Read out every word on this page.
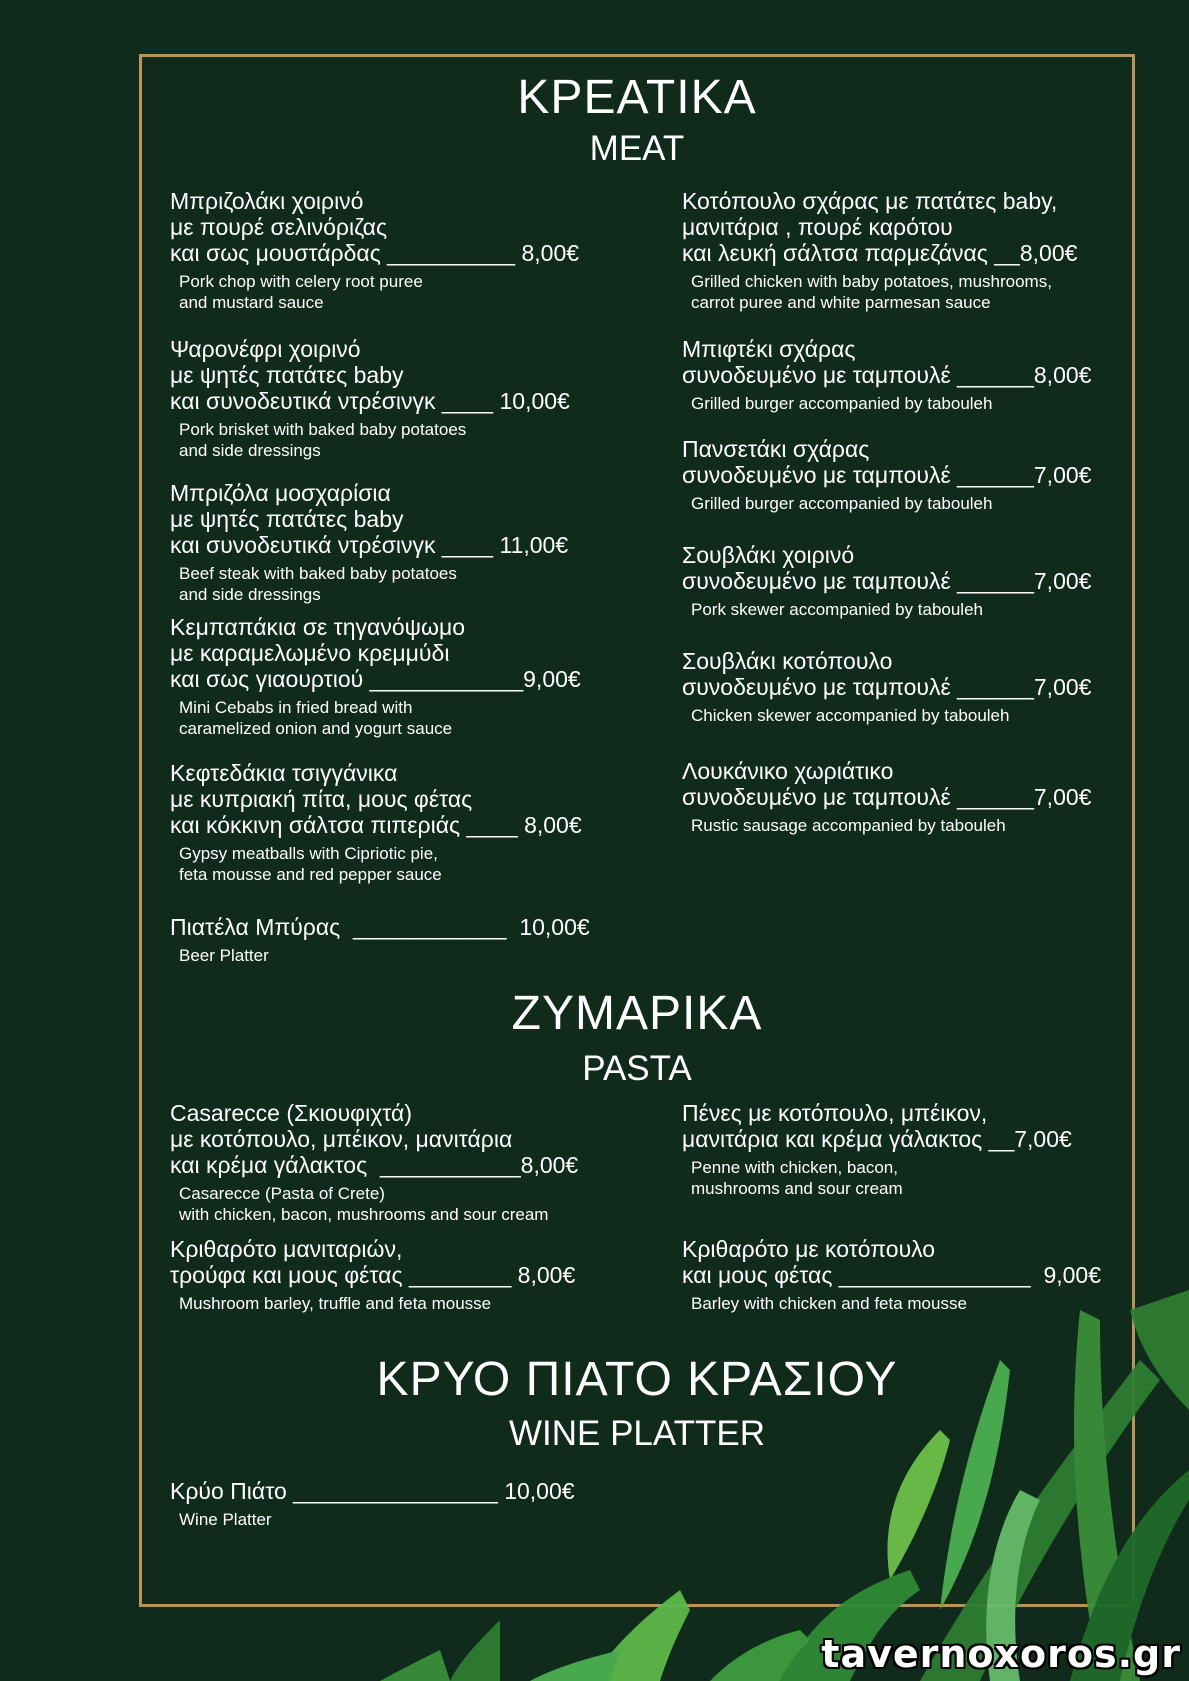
ΚΡΕΑΤΙΚΑ
MEAT
Μπριζολάκι χοιρινό
με πουρέ σελινόριζας
και σως μουστάρδας __________ 8,00€
Pork chop with celery root puree
and mustard sauce
Ψαρονέφρι χοιρινό
με ψητές πατάτες baby
και συνοδευτικά ντρέσινγκ ____ 10,00€
Pork brisket with baked baby potatoes
and side dressings
Μπριζόλα μοσχαρίσια
με ψητές πατάτες baby
και συνοδευτικά ντρέσινγκ ____ 11,00€
Beef steak with baked baby potatoes
and side dressings
Κεμπαπάκια σε τηγανόψωμο
με καραμελωμένο κρεμμύδι
και σως γιαουρτιού ____________9,00€
Mini Cebabs in fried bread with
caramelized onion and yogurt sauce
Κεφτεδάκια τσιγγάνικα
με κυπριακή πίτα, μους φέτας
και κόκκινη σάλτσα πιπεριάς ____ 8,00€
Gypsy meatballs with Cipriotic pie,
feta mousse and red pepper sauce
Πιατέλα Μπύρας  ____________  10,00€
Beer Platter
Κοτόπουλο σχάρας με πατάτες baby,
μανιτάρια , πουρέ καρότου
και λευκή σάλτσα παρμεζάνας __8,00€
Grilled chicken with baby potatoes, mushrooms,
carrot puree and white parmesan sauce
Μπιφτέκι σχάρας
συνοδευμένο με ταμπουλέ ______8,00€
Grilled burger accompanied by tabouleh
Πανσετάκι σχάρας
συνοδευμένο με ταμπουλέ ______7,00€
Grilled burger accompanied by tabouleh
Σουβλάκι χοιρινό
συνοδευμένο με ταμπουλέ ______7,00€
Pork skewer accompanied by tabouleh
Σουβλάκι κοτόπουλο
συνοδευμένο με ταμπουλέ ______7,00€
Chicken skewer accompanied by tabouleh
Λουκάνικο χωριάτικο
συνοδευμένο με ταμπουλέ ______7,00€
Rustic sausage accompanied by tabouleh
ΖΥΜΑΡΙΚΑ
PASTA
Casarecce (Σκιουφιχτά)
με κοτόπουλο, μπέικον, μανιτάρια
και κρέμα γάλακτος  ___________8,00€
Casarecce (Pasta of Crete)
with chicken, bacon, mushrooms and sour cream
Κριθαρότο μανιταριών,
τρούφα και μους φέτας ________ 8,00€
Mushroom barley, truffle and feta mousse
Πένες με κοτόπουλο, μπέικον,
μανιτάρια και κρέμα γάλακτος __7,00€
Penne with chicken, bacon,
mushrooms and sour cream
Κριθαρότο με κοτόπουλο
και μους φέτας _______________  9,00€
Barley with chicken and feta mousse
ΚΡΥΟ ΠΙΑΤΟ ΚΡΑΣΙΟΥ
WINE PLATTER
Κρύο Πιάτο ________________ 10,00€
Wine Platter
tavernoxoros.gr
